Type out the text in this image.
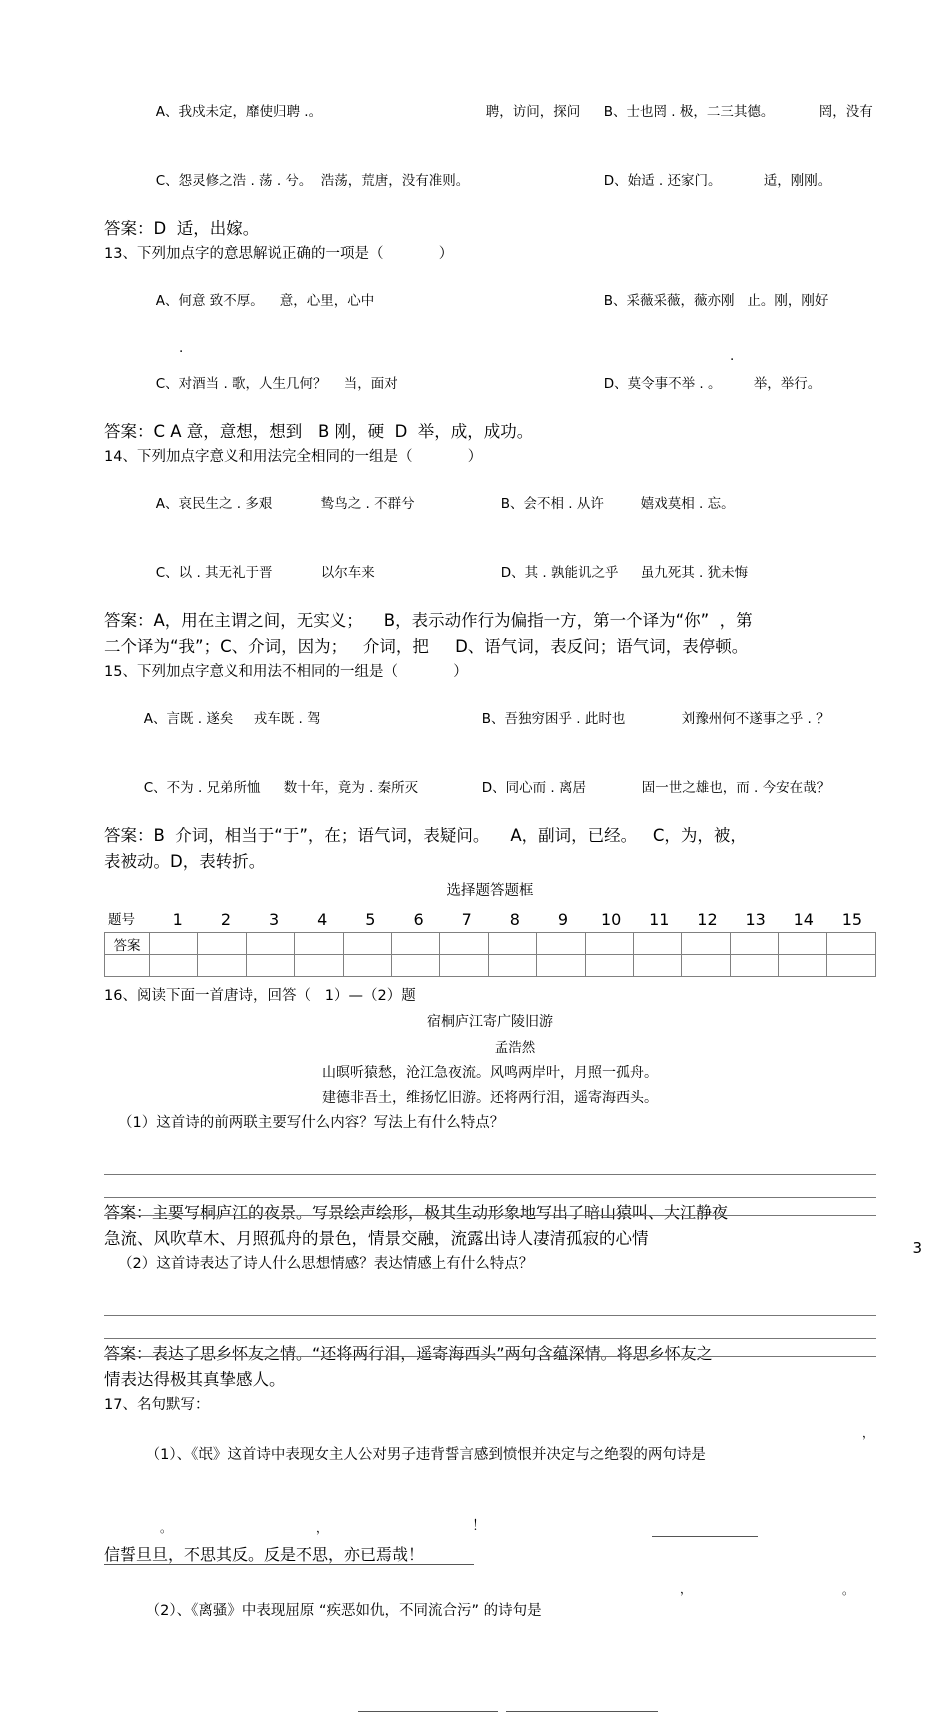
A、我戍未定，靡使归聘 .。	聘，访问，探问 B、士也罔 . 极，二三其德。	罔，没有

C、怨灵修之浩 . 荡 . 兮。 浩荡，荒唐，没有准则。	D、始适 . 还家门。	适，刚刚。

答案：D  适，出嫁。
13、下列加点字的意思解说正确的一项是（            ）

A、何意 致不厚。 意，心里，心中	B、采薇采薇，薇亦刚   止。刚，刚好

.

	.

C、对酒当 . 歌，人生几何？ 当，面对	D、莫令事不举 . 。 举，举行。

答案：C A 意，意想，想到   B 刚，硬  D  举，成，成功。
14、下列加点字意义和用法完全相同的一组是（            ）

A、哀民生之 . 多艰	鸷鸟之 . 不群兮	B、会不相 . 从许	嬉戏莫相 . 忘。

C、以 . 其无礼于晋	以尔车来	D、其 . 孰能讥之乎 虽九死其 . 犹未悔

答案：A，用在主谓之间，无实义；    B，表示动作行为偏指一方，第一个译为“你”  ，第
二个译为“我”；C、介词，因为；   介词，把     D、语气词，表反问；语气词，表停顿。
15、下列加点字意义和用法不相同的一组是（            ）

A、言既 . 遂矣 戎车既 . 驾	B、吾独穷困乎 . 此时也	刘豫州何不遂事之乎 . ？

C、不为 . 兄弟所恤 数十年，竟为 . 秦所灭	D、同心而 . 离居	固一世之雄也，而 . 今安在哉？

答案：B  介词，相当于“于”，在；语气词，表疑问。    A，副词，已经。   C，为，被，
表被动。D，表转折。
选择题答题框
题号	1	2	3	4	5	6	7	8	9	10	11	12	13	14	15
答案															

16、阅读下面一首唐诗，回答（   1）—（2）题
宿桐庐江寄广陵旧游
孟浩然
山暝听猿愁，沧江急夜流。风鸣两岸叶，月照一孤舟。
建德非吾土，维扬忆旧游。还将两行泪，遥寄海西头。
（1）这首诗的前两联主要写什么内容？写法上有什么特点？
答案：主要写桐庐江的夜景。写景绘声绘形，极其生动形象地写出了暗山猿叫、大江静夜
急流、风吹草木、月照孤舟的景色，情景交融，流露出诗人凄清孤寂的心情
（2）这首诗表达了诗人什么思想情感？表达情感上有什么特点？
答案：表达了思乡怀友之情。“还将两行泪，遥寄海西头”两句含蕴深情。将思乡怀友之
情表达得极其真挚感人。
17、名句默写：

（1）、《氓》这首诗中表现女主人公对男子违背誓言感到愤恨并决定与之绝裂的两句诗是

，

。	，	！
信誓旦旦，不思其反。反是不思，亦已焉哉！

（2）、《离骚》中表现屈原 “疾恶如仇，不同流合污” 的诗句是

，

	。

3
